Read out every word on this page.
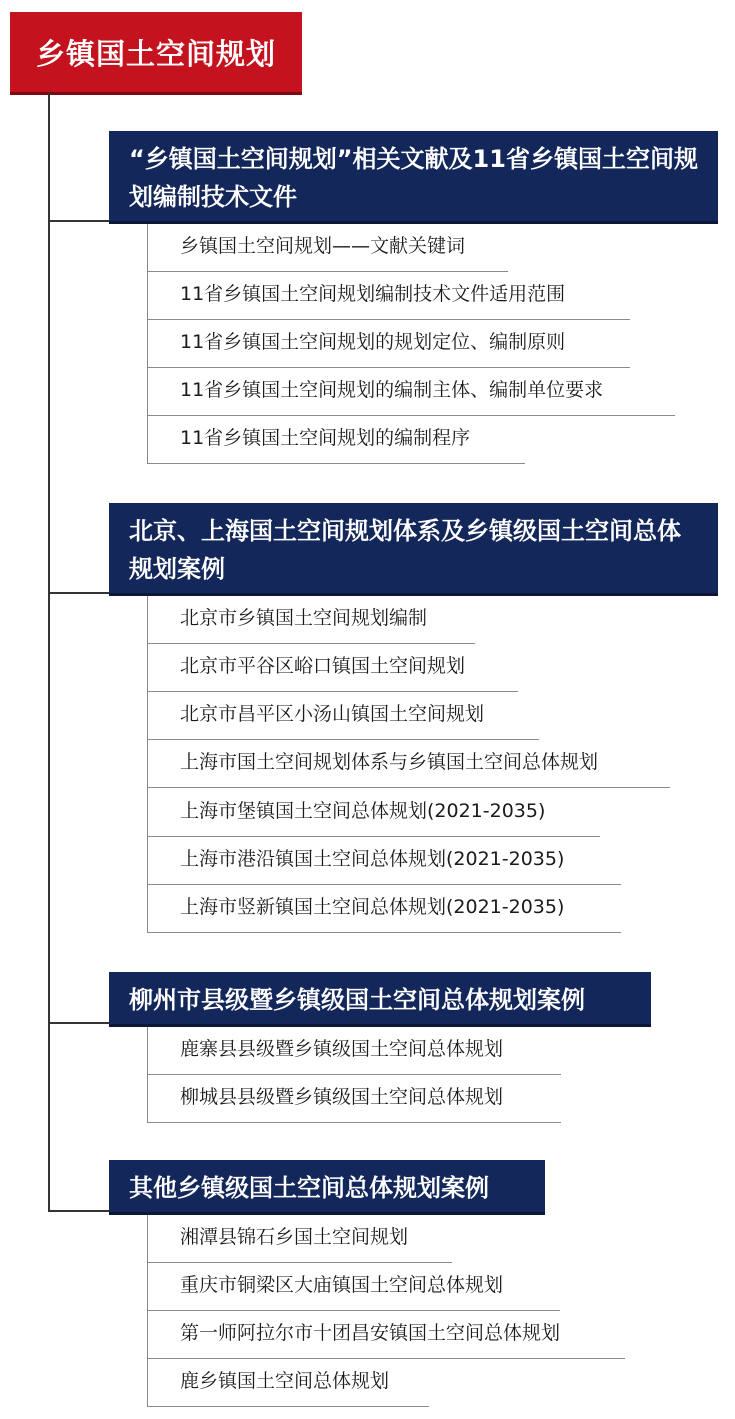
乡镇国土空间规划
“乡镇国土空间规划”相关文献及11省乡镇国土空间规划编制技术文件
乡镇国土空间规划——文献关键词
11省乡镇国土空间规划编制技术文件适用范围
11省乡镇国土空间规划的规划定位、编制原则
11省乡镇国土空间规划的编制主体、编制单位要求
11省乡镇国土空间规划的编制程序
北京、上海国土空间规划体系及乡镇级国土空间总体规划案例
北京市乡镇国土空间规划编制
北京市平谷区峪口镇国土空间规划
北京市昌平区小汤山镇国土空间规划
上海市国土空间规划体系与乡镇国土空间总体规划
上海市堡镇国土空间总体规划(2021-2035)
上海市港沿镇国土空间总体规划(2021-2035)
上海市竖新镇国土空间总体规划(2021-2035)
柳州市县级暨乡镇级国土空间总体规划案例
鹿寨县县级暨乡镇级国土空间总体规划
柳城县县级暨乡镇级国土空间总体规划
其他乡镇级国土空间总体规划案例
湘潭县锦石乡国土空间规划
重庆市铜梁区大庙镇国土空间总体规划
第一师阿拉尔市十团昌安镇国土空间总体规划
鹿乡镇国土空间总体规划
